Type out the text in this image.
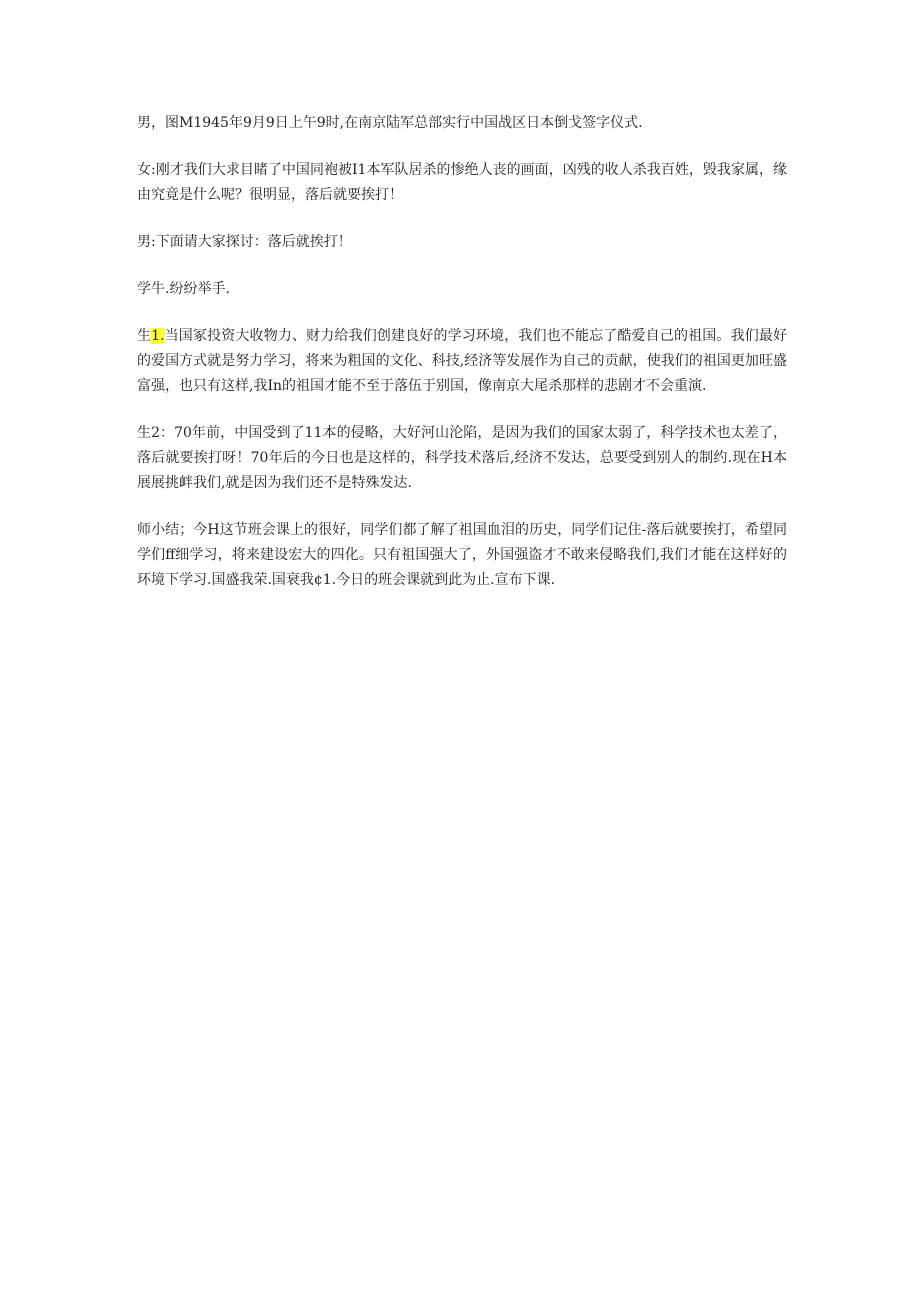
男，图M1945年9月9日上午9时,在南京陆军总部实行中国战区日本倒戈签字仪式.

女:刚才我们大求目睹了中国同袍被I1本军队居杀的惨绝人丧的画面，凶残的收人杀我百姓，毁我家属，缘由究竟是什么呢？很明显，落后就要挨打！

男:下面请大家探讨：落后就挨打！

学牛.纷纷举手.

生1.当国冢投资大收物力、财力给我们创建良好的学习环境，我们也不能忘了酷爱自己的祖国。我们最好的爱国方式就是努力学习，将来为粗国的文化、科技,经济等发展作为自己的贡献，使我们的祖国更加旺盛富强，也只有这样,我In的祖国才能不至于落伍于别国，像南京大尾杀那样的悲剧才不会重演.

生2：70年前，中国受到了11本的侵略，大好河山沦陷，是因为我们的国家太弱了，科学技术也太差了，落后就要挨打呀！70年后的今日也是这样的，科学技术落后,经济不发达，总要受到别人的制约.现在H本展展挑衅我们,就是因为我们还不是特殊发达.

师小结；今H这节班会课上的很好，同学们都了解了祖国血泪的历史，同学们记住-落后就要挨打，希望同学们ff细学习，将来建设宏大的四化。只有祖国强大了，外国强盗才不敢来侵略我们,我们才能在这样好的环境下学习.国盛我荣.国衰我¢1.今日的班会课就到此为止.宣布下课.
